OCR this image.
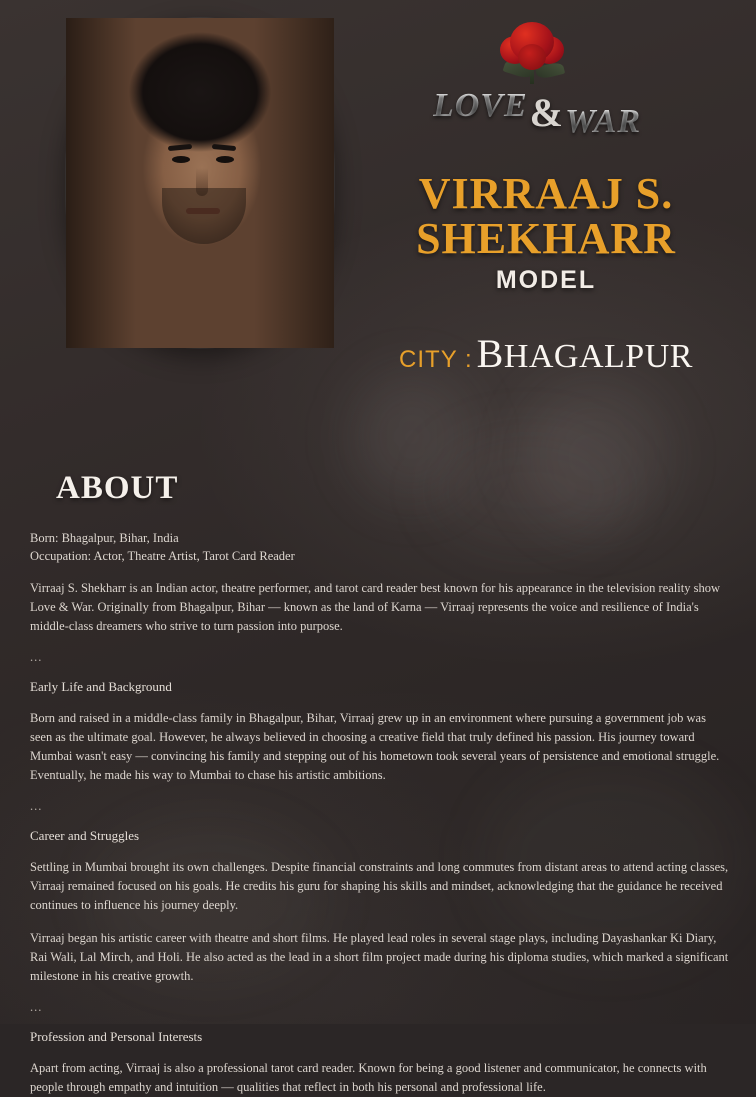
LOVE & WAR
VIRRAAJ S.
SHEKHARR
MODEL
CITY : BHAGALPUR
ABOUT

Born: Bhagalpur, Bihar, India

Occupation: Actor, Theatre Artist, Tarot Card Reader

Virraaj S. Shekharr is an Indian actor, theatre performer, and tarot card reader best known for his appearance in the television reality show Love & War. Originally from Bhagalpur, Bihar — known as the land of Karna — Virraaj represents the voice and resilience of India's middle-class dreamers who strive to turn passion into purpose.

...

Early Life and Background

Born and raised in a middle-class family in Bhagalpur, Bihar, Virraaj grew up in an environment where pursuing a government job was seen as the ultimate goal. However, he always believed in choosing a creative field that truly defined his passion. His journey toward Mumbai wasn't easy — convincing his family and stepping out of his hometown took several years of persistence and emotional struggle. Eventually, he made his way to Mumbai to chase his artistic ambitions.

...

Career and Struggles

Settling in Mumbai brought its own challenges. Despite financial constraints and long commutes from distant areas to attend acting classes, Virraaj remained focused on his goals. He credits his guru for shaping his skills and mindset, acknowledging that the guidance he received continues to influence his journey deeply.

Virraaj began his artistic career with theatre and short films. He played lead roles in several stage plays, including Dayashankar Ki Diary, Rai Wali, Lal Mirch, and Holi. He also acted as the lead in a short film project made during his diploma studies, which marked a significant milestone in his creative growth.

...

Profession and Personal Interests

Apart from acting, Virraaj is also a professional tarot card reader. Known for being a good listener and communicator, he connects with people through empathy and intuition — qualities that reflect in both his personal and professional life.
